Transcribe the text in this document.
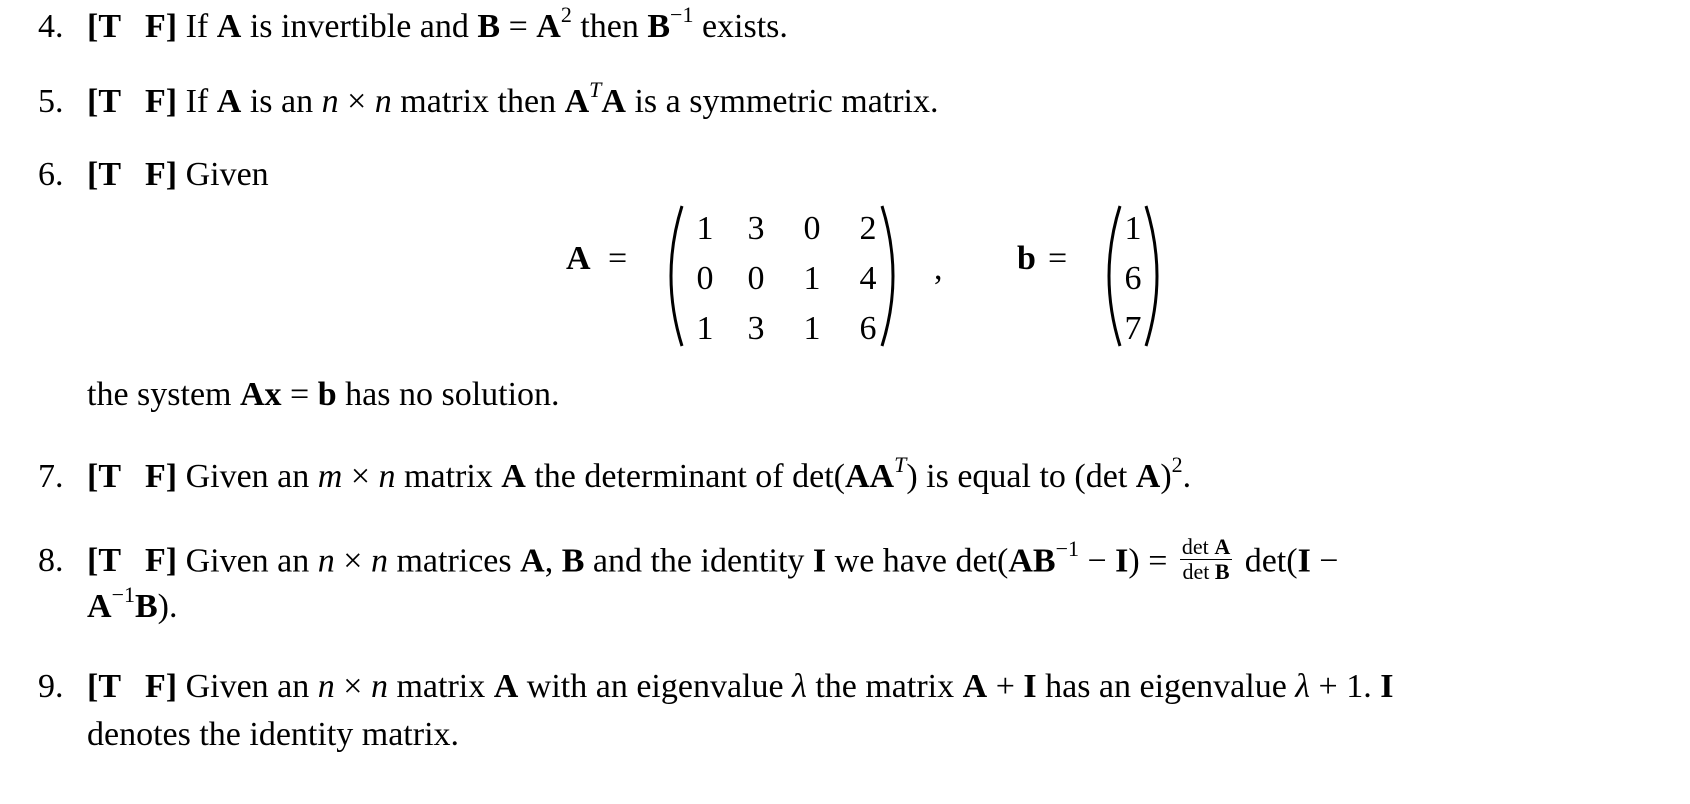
4. [T F] If A is invertible and $B = A^2$ then $B^{-1}$ exists.
5. [T F] If A is an n × n matrix then $A^TA$ is a symmetric matrix.
6. [T F] Given
A =
1	3	0	2
0	0	1	4
1	3	1	6
, b =
1
6
7
the system Ax = b has no solution.
7. [T F] Given an m × n matrix A the determinant of $\det(AA^T)$ is equal to (det A)$^2$.
8. [T F] Given an n × n matrices A, B and the identity I we have $\det(AB^{-1} - I) = \frac{\text{det A}}{\text{det B}} \det(I$ −
$A^{-1}B$).
9. [T F] Given an n × n matrix A with an eigenvalue λ the matrix A + I has an eigenvalue λ + 1. I
denotes the identity matrix.
